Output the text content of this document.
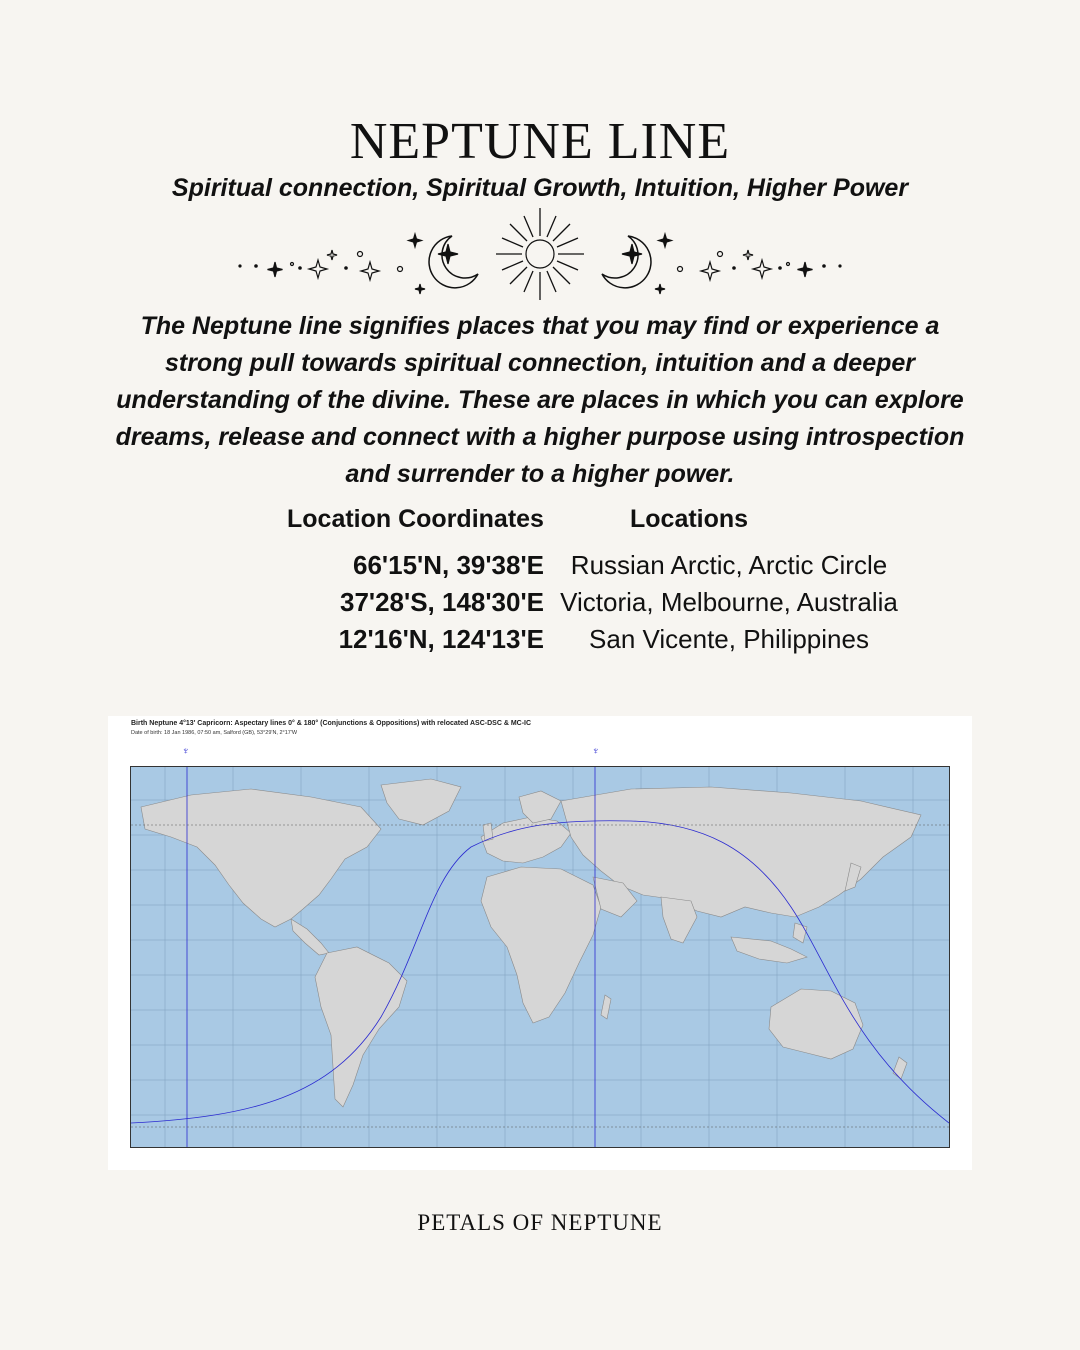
NEPTUNE LINE
Spiritual connection, Spiritual Growth, Intuition, Higher Power
The Neptune line signifies places that you may find or experience a strong pull towards spiritual connection, intuition and a deeper understanding of the divine. These are places in which you can explore dreams, release and connect with a higher purpose using introspection and surrender to a higher power.
Location Coordinates	Locations
66'15'N, 39'38'E	Russian Arctic, Arctic Circle
37'28'S, 148'30'E Victoria, Melbourne, Australia
12'16'N, 124'13'E	San Vicente, Philippines
Birth Neptune 4°13' Capricorn: Aspectary lines 0° & 180° (Conjunctions & Oppositions) with relocated ASC-DSC & MC-IC
Date of birth: 18 Jan 1986, 07:50 am, Salford (GB), 53°29'N, 2°17'W
♆	♆
PETALS OF NEPTUNE
